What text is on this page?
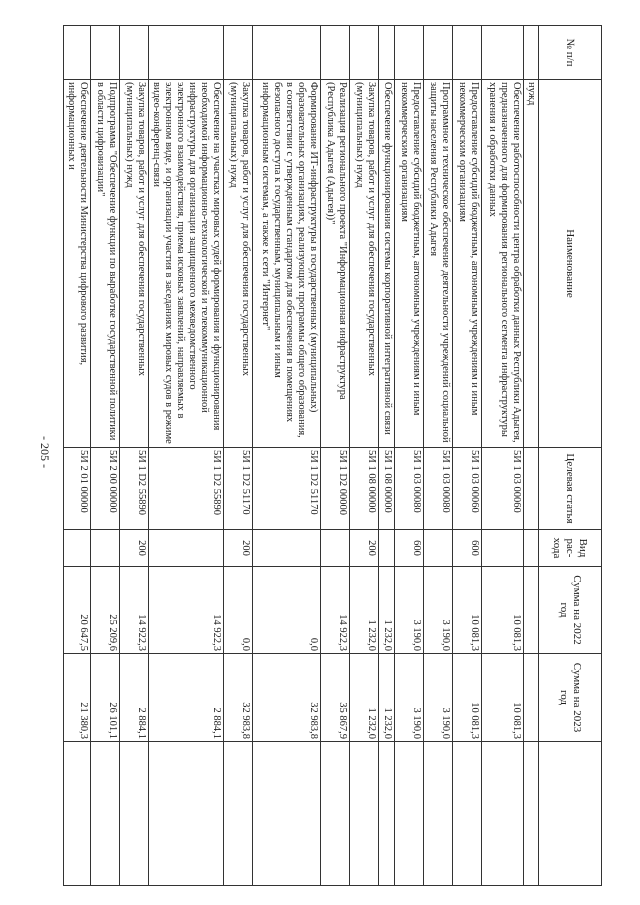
- 205 -
№ п/п	Наименование	Целевая статья	Вид рас-хода	Сумма на 2022 год	Сумма на 2023 год	
	нужд					
	Обеспечение работоспособности центра обработки данных Республики Адыгея, предназначенного для формирования регионального сегмента инфраструктуры хранения и обработки данных	5И 1 03 00060		10 081,3	10 081,3	
	Предоставление субсидий бюджетным, автономным учреждениям и иным некоммерческим организациям	5И 1 03 00060	600	10 081,3	10 081,3	
	Программное и техническое обеспечение деятельности учреждений социальной защиты населения Республики Адыгея	5И 1 03 00080		3 190,0	3 190,0	
	Предоставление субсидий бюджетным, автономным учреждениям и иным некоммерческим организациям	5И 1 03 00080	600	3 190,0	3 190,0	
	Обеспечение функционирования системы корпоративной интегративной связи	5И 1 08 00000		1 232,0	1 232,0	
	Закупка товаров, работ и услуг для обеспечения государственных (муниципальных) нужд	5И 1 08 00000	200	1 232,0	1 232,0	
	Реализация регионального проекта "Информационная инфраструктура (Республика Адыгея (Адыгея))"	5И 1 D2 00000		14 922,3	35 867,9	
	Формирование ИТ-инфраструктуры в государственных (муниципальных) образовательных организациях, реализующих программы общего образования, в соответствии с утвержденным стандартом для обеспечения в помещениях безопасного доступа к государственным, муниципальным и иным информационным системам, а также к сети "Интернет"	5И 1 D2 51170		0,0	32 983,8	
	Закупка товаров, работ и услуг для обеспечения государственных (муниципальных) нужд	5И 1 D2 51170	200	0,0	32 983,8	
	Обеспечение на участках мировых судей формирования и функционирования необходимой информационно-технологической и телекоммуникационной инфраструктуры для организации защищенного межведомственного электронного взаимодействия, приема исковых заявлений, направляемых в электронном виде, и организации участия в заседаниях мировых судов в режиме видео-конференц-связи	5И 1 D2 55890		14 922,3	2 884,1	
	Закупка товаров, работ и услуг для обеспечения государственных (муниципальных) нужд	5И 1 D2 55890	200	14 922,3	2 884,1	
	Подпрограмма "Обеспечение функции по выработке государственной политики в области цифровизации"	5И 2 00 00000		25 209,6	26 101,1	
	Обеспечение деятельности Министерства цифрового развития, информационных и	5И 2 01 00000		20 647,5	21 380,3	
